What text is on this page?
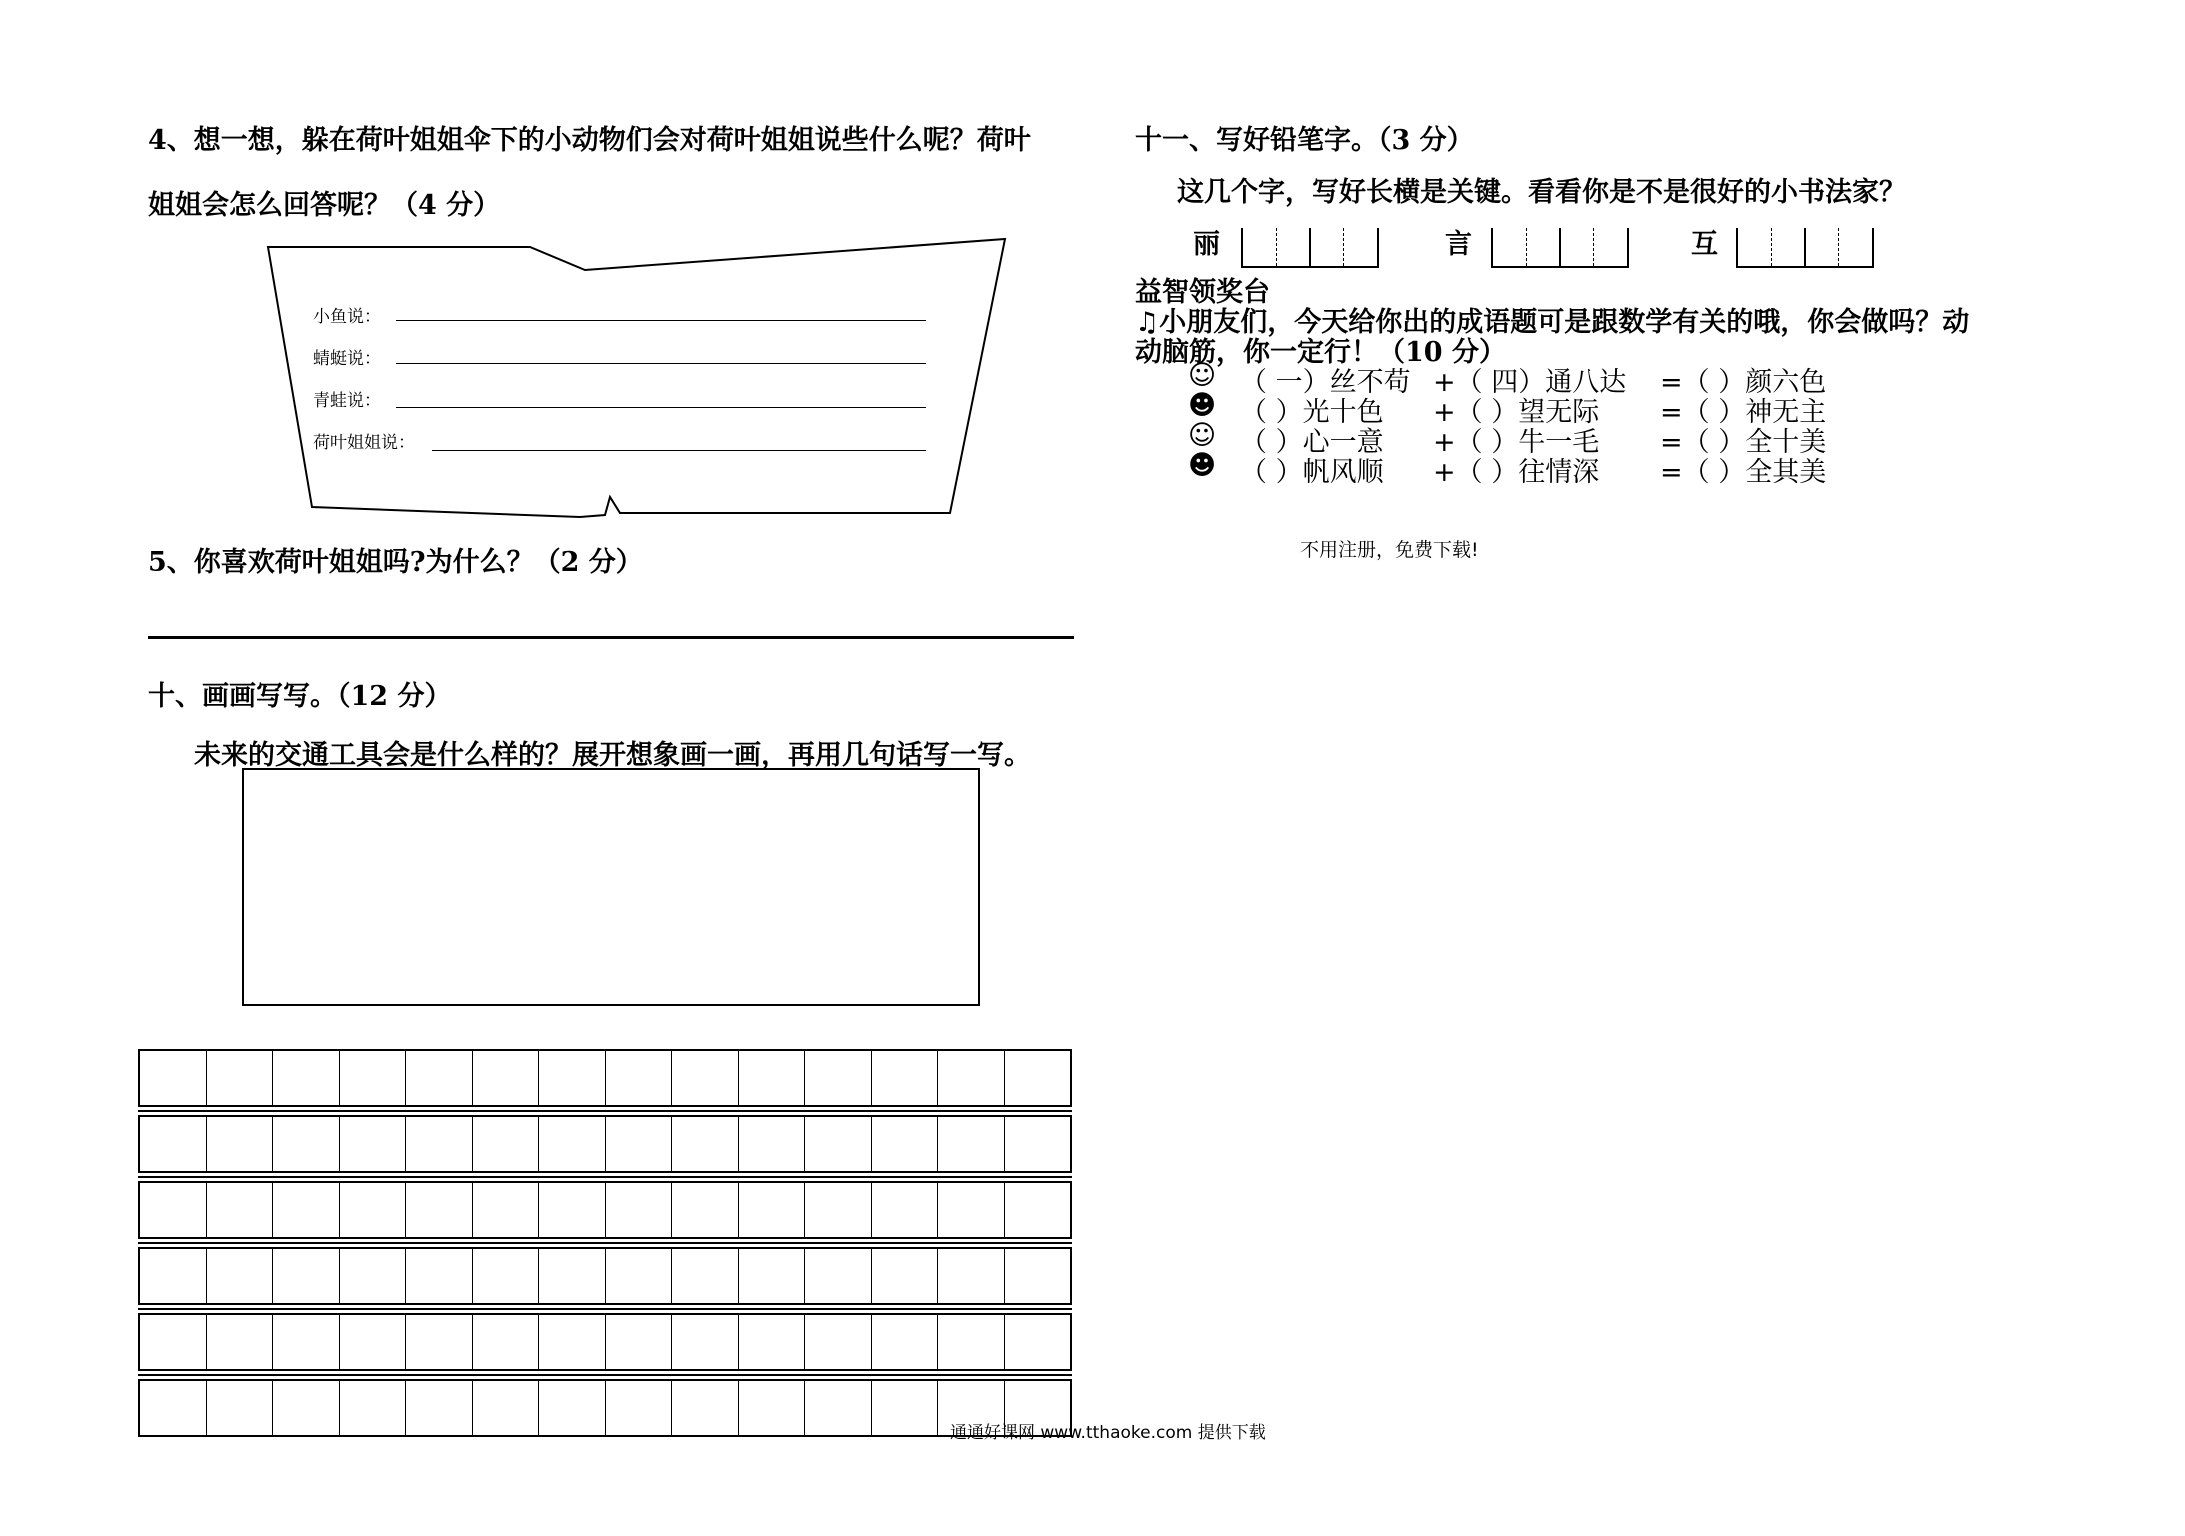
4、想一想，躲在荷叶姐姐伞下的小动物们会对荷叶姐姐说些什么呢？荷叶
姐姐会怎么回答呢？（4 分）
小鱼说：
蜻蜓说：
青蛙说：
荷叶姐姐说：
5、你喜欢荷叶姐姐吗?为什么？（2 分）
十、画画写写。（12 分）
未来的交通工具会是什么样的？展开想象画一画，再用几句话写一写。
十一、写好铅笔字。（3 分）
这几个字，写好长横是关键。看看你是不是很好的小书法家？
丽	言	互
益智领奖台
♫小朋友们，今天给你出的成语题可是跟数学有关的哦，你会做吗？动
动脑筋，你一定行！（10 分）
☺ （ 一）丝不苟 +（ 四）通八达 =（ ）颜六色
☻ （ ）光十色 +（ ）望无际 =（ ）神无主
☺ （ ）心一意 +（ ）牛一毛 =（ ）全十美
☻ （ ）帆风顺 +（ ）往情深 =（ ）全其美
不用注册，免费下载!
通通好课网 www.tthaoke.com 提供下载
